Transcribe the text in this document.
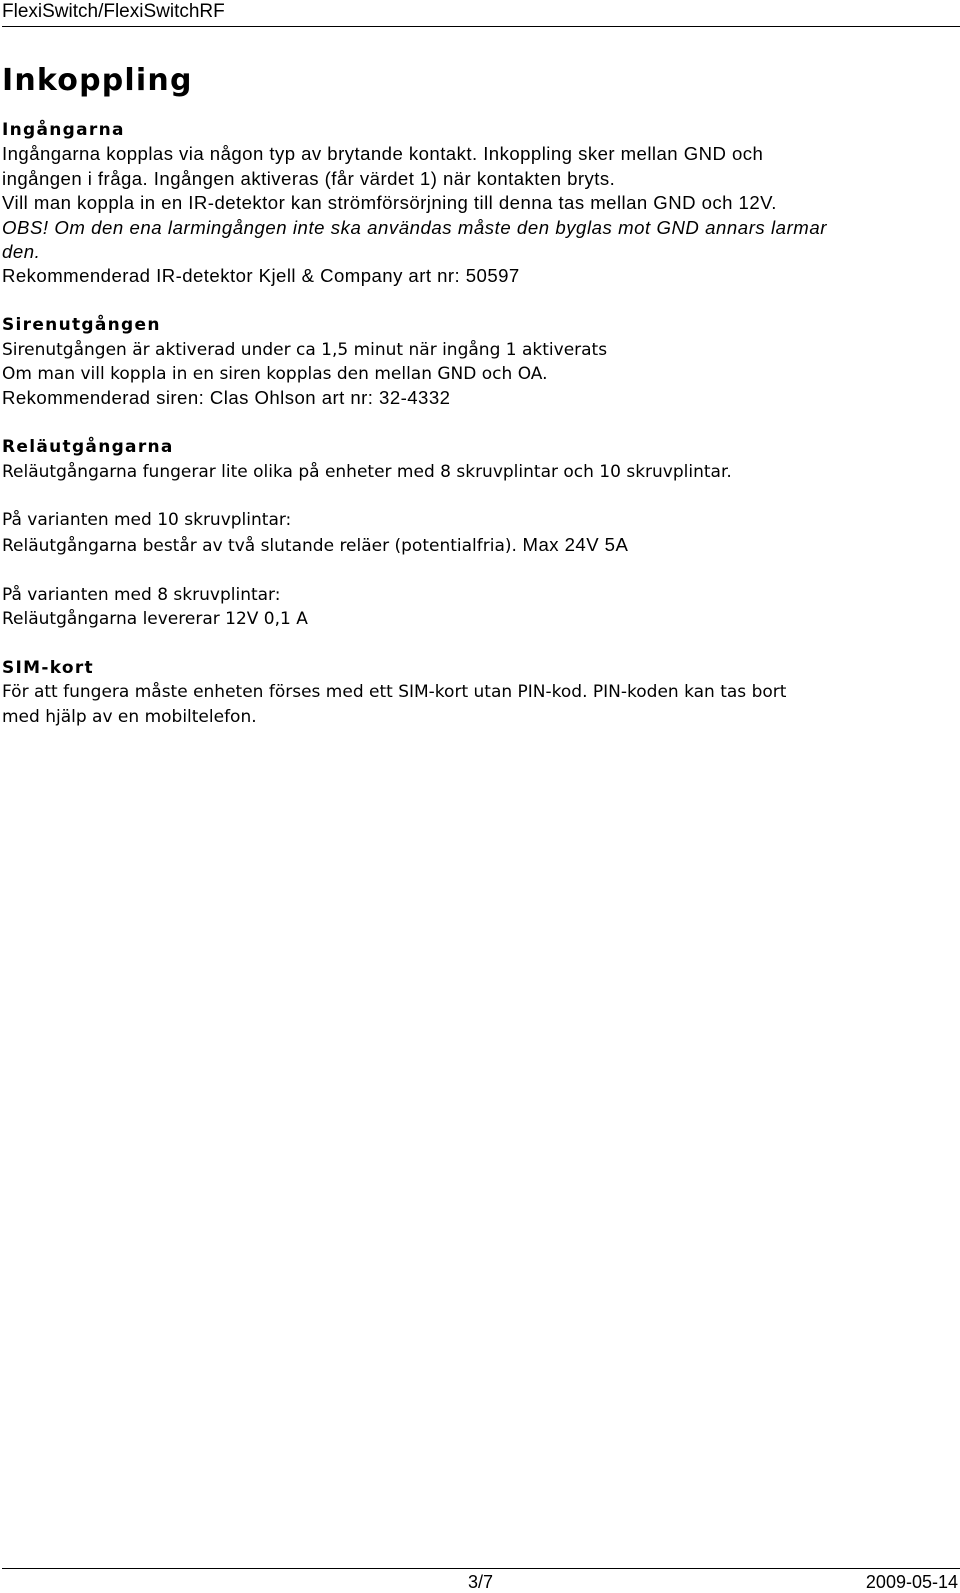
FlexiSwitch/FlexiSwitchRF
Inkoppling
Ingångarna
Ingångarna kopplas via någon typ av brytande kontakt. Inkoppling sker mellan GND och
ingången i fråga. Ingången aktiveras (får värdet 1) när kontakten bryts.
Vill man koppla in en IR-detektor kan strömförsörjning till denna tas mellan GND och 12V.
OBS! Om den ena larmingången inte ska användas måste den byglas mot GND annars larmar
den.
Rekommenderad IR-detektor Kjell & Company art nr: 50597
Sirenutgången
Sirenutgången är aktiverad under ca 1,5 minut när ingång 1 aktiverats
Om man vill koppla in en siren kopplas den mellan GND och OA.
Rekommenderad siren: Clas Ohlson art nr: 32-4332
Reläutgångarna
Reläutgångarna fungerar lite olika på enheter med 8 skruvplintar och 10 skruvplintar.
På varianten med 10 skruvplintar:
Reläutgångarna består av två slutande reläer (potentialfria). Max 24V 5A
På varianten med 8 skruvplintar:
Reläutgångarna levererar 12V 0,1 A
SIM-kort
För att fungera måste enheten förses med ett SIM-kort utan PIN-kod. PIN-koden kan tas bort
med hjälp av en mobiltelefon.
3/7	2009-05-14
